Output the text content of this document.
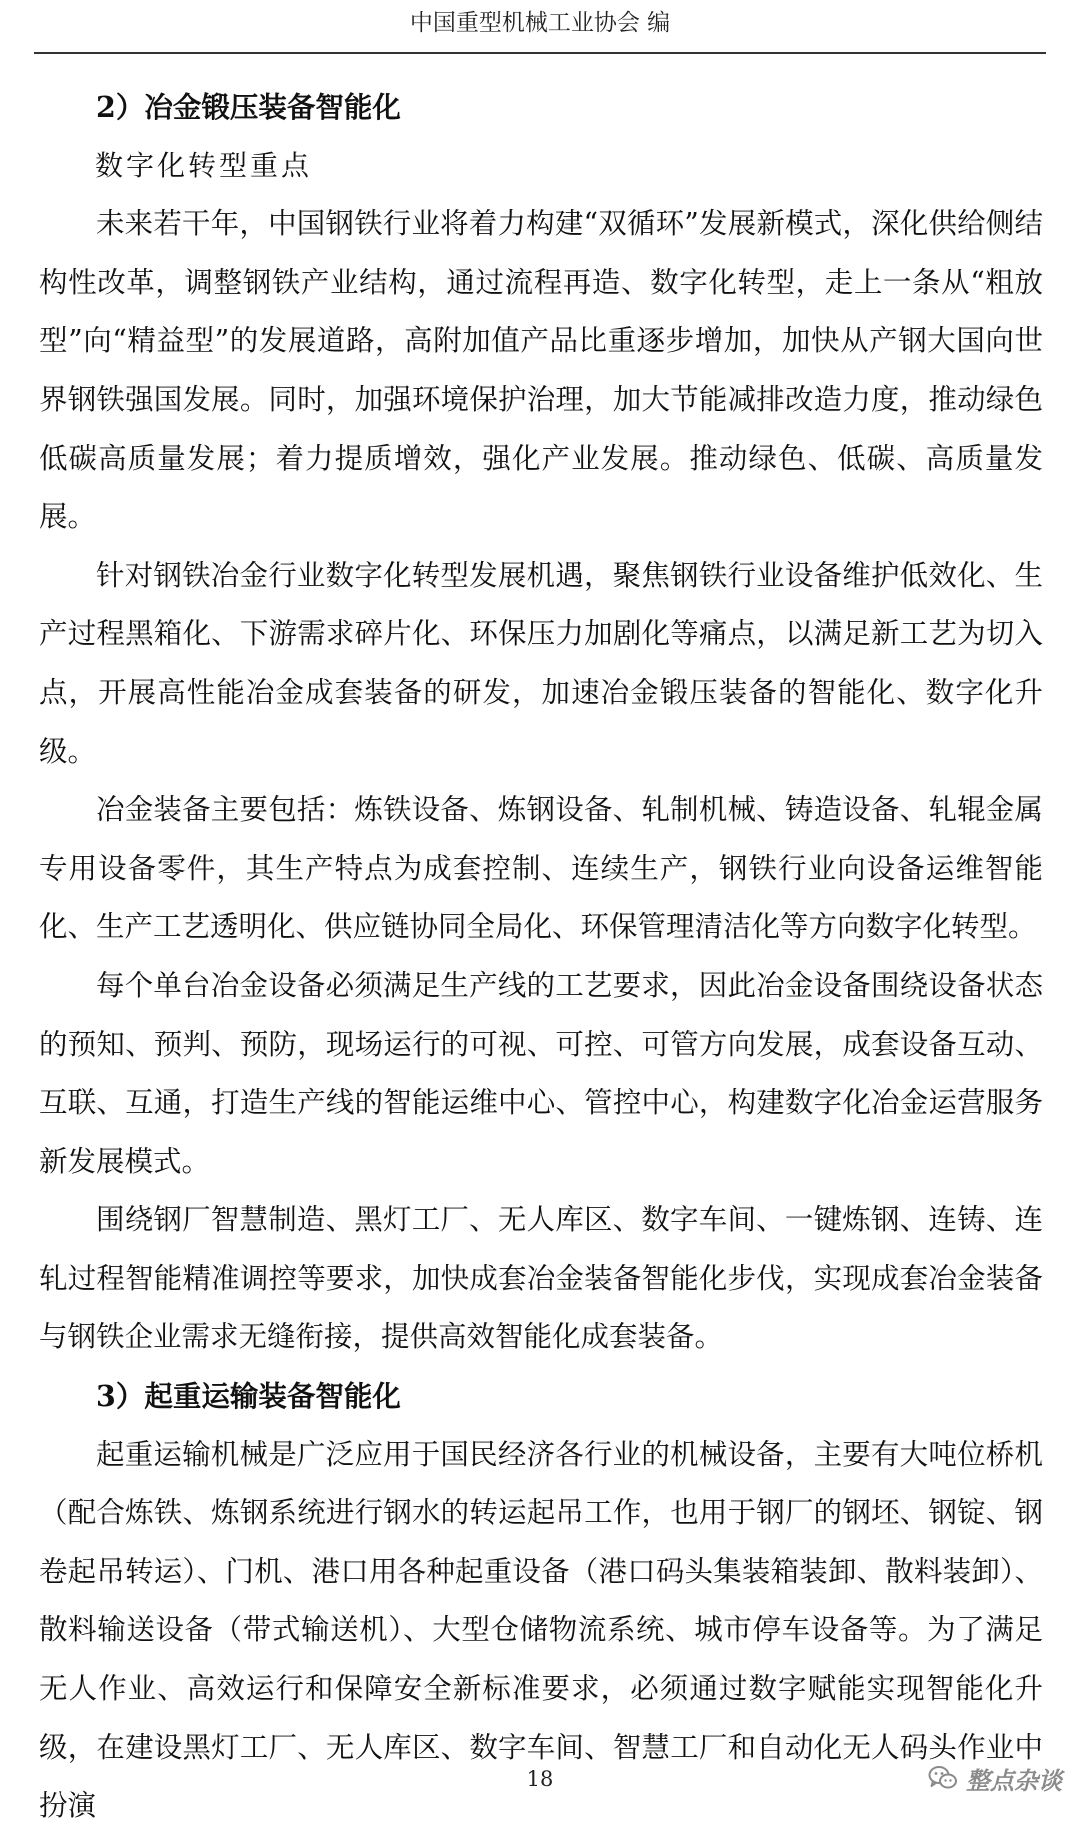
中国重型机械工业协会 编
2）冶金锻压装备智能化
数字化转型重点

未来若干年，中国钢铁行业将着力构建“双循环”发展新模式，深化供给侧结构性改革，调整钢铁产业结构，通过流程再造、数字化转型，走上一条从“粗放型”向“精益型”的发展道路，高附加值产品比重逐步增加，加快从产钢大国向世界钢铁强国发展。同时，加强环境保护治理，加大节能减排改造力度，推动绿色低碳高质量发展；着力提质增效，强化产业发展。推动绿色、低碳、高质量发展。

针对钢铁冶金行业数字化转型发展机遇，聚焦钢铁行业设备维护低效化、生产过程黑箱化、下游需求碎片化、环保压力加剧化等痛点，以满足新工艺为切入点，开展高性能冶金成套装备的研发，加速冶金锻压装备的智能化、数字化升级。

冶金装备主要包括：炼铁设备、炼钢设备、轧制机械、铸造设备、轧辊金属专用设备零件，其生产特点为成套控制、连续生产，钢铁行业向设备运维智能化、生产工艺透明化、供应链协同全局化、环保管理清洁化等方向数字化转型。

每个单台冶金设备必须满足生产线的工艺要求，因此冶金设备围绕设备状态的预知、预判、预防，现场运行的可视、可控、可管方向发展，成套设备互动、互联、互通，打造生产线的智能运维中心、管控中心，构建数字化冶金运营服务新发展模式。

围绕钢厂智慧制造、黑灯工厂、无人库区、数字车间、一键炼钢、连铸、连轧过程智能精准调控等要求，加快成套冶金装备智能化步伐，实现成套冶金装备与钢铁企业需求无缝衔接，提供高效智能化成套装备。

3）起重运输装备智能化

起重运输机械是广泛应用于国民经济各行业的机械设备，主要有大吨位桥机（配合炼铁、炼钢系统进行钢水的转运起吊工作，也用于钢厂的钢坯、钢锭、钢卷起吊转运）、门机、港口用各种起重设备（港口码头集装箱装卸、散料装卸）、散料输送设备（带式输送机）、大型仓储物流系统、城市停车设备等。为了满足无人作业、高效运行和保障安全新标准要求，必须通过数字赋能实现智能化升级，在建设黑灯工厂、无人库区、数字车间、智慧工厂和自动化无人码头作业中扮演

18	整点杂谈
